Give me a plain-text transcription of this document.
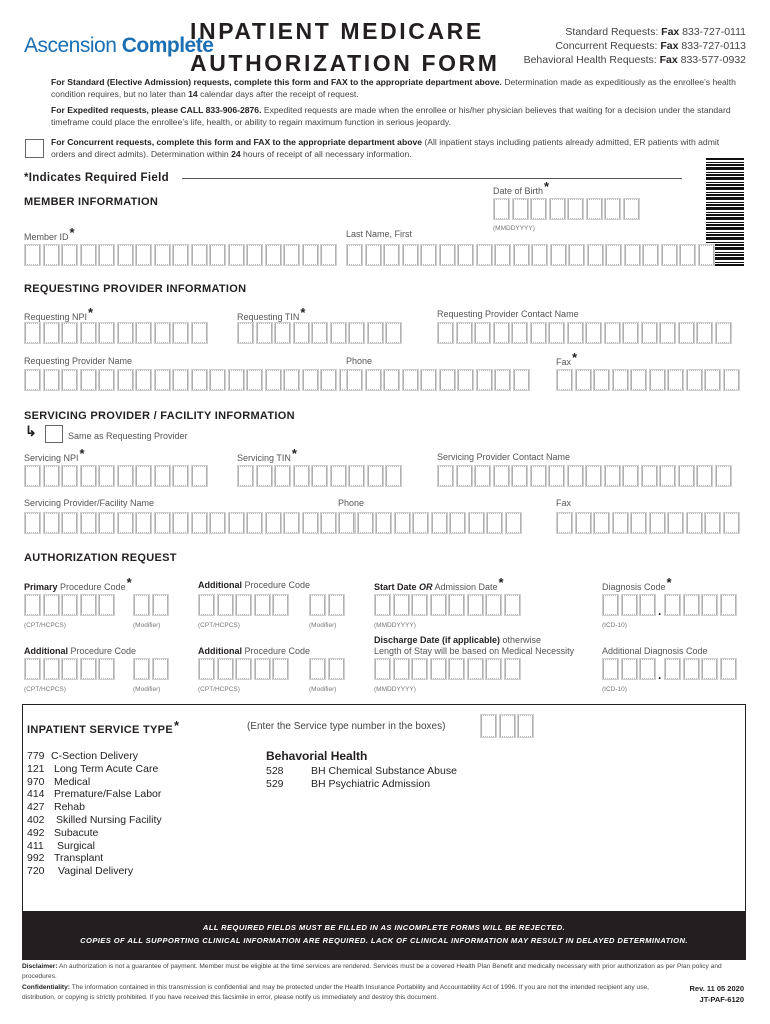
Ascension Complete
INPATIENT MEDICARE
AUTHORIZATION FORM
Standard Requests: Fax 833-727-0111
Concurrent Requests: Fax 833-727-0113
Behavioral Health Requests: Fax 833-577-0932
For Standard (Elective Admission) requests, complete this form and FAX to the appropriate department above. Determination made as expeditiously as the enrollee’s health condition requires, but no later than 14 calendar days after the receipt of request.
For Expedited requests, please CALL 833-906-2876. Expedited requests are made when the enrollee or his/her physician believes that waiting for a decision under the standard timeframe could place the enrollee’s life, health, or ability to regain maximum function in serious jeopardy.
For Concurrent requests, complete this form and FAX to the appropriate department above (All inpatient stays including patients already admitted, ER patients with admit orders and direct admits). Determination within 24 hours of receipt of all necessary information.
*Indicates Required Field
MEMBER INFORMATION
Date of Birth*
(MMDDYYYY)
Member ID*	Last Name, First
REQUESTING PROVIDER INFORMATION
Requesting NPI*	Requesting TIN*	Requesting Provider Contact Name
Requesting Provider Name	Phone	Fax*
SERVICING PROVIDER / FACILITY INFORMATION
↳	Same as Requesting Provider
Servicing NPI*	Servicing TIN*	Servicing Provider Contact Name
Servicing Provider/Facility Name	Phone	Fax
AUTHORIZATION REQUEST
Primary Procedure Code*
(CPT/HCPCS)	(Modifier)
Additional Procedure Code
(CPT/HCPCS)	(Modifier)
Start Date OR Admission Date*
(MMDDYYYY)
Diagnosis Code*
.
(ICD-10)
Additional Procedure Code
(CPT/HCPCS)	(Modifier)
Additional Procedure Code
(CPT/HCPCS)	(Modifier)
Discharge Date (if applicable) otherwise
Length of Stay will be based on Medical Necessity
(MMDDYYYY)
Additional Diagnosis Code
.
(ICD-10)
INPATIENT SERVICE TYPE*	(Enter the Service type number in the boxes)
779 C-Section Delivery
121 Long Term Acute Care
970 Medical
414 Premature/False Labor
427 Rehab
402 Skilled Nursing Facility
492 Subacute
411 Surgical
992 Transplant
720 Vaginal Delivery
Behavorial Health
528	BH Chemical Substance Abuse
529	BH Psychiatric Admission
ALL REQUIRED FIELDS MUST BE FILLED IN AS INCOMPLETE FORMS WILL BE REJECTED.
COPIES OF ALL SUPPORTING CLINICAL INFORMATION ARE REQUIRED. LACK OF CLINICAL INFORMATION MAY RESULT IN DELAYED DETERMINATION.
Disclaimer: An authorization is not a guarantee of payment. Member must be eligible at the time services are rendered. Services must be a covered Health Plan Benefit and medically necessary with prior authorization as per Plan policy and procedures.
Confidentiality: The information contained in this transmission is confidential and may be protected under the Health Insurance Portability and Accountability Act of 1996. If you are not the intended recipient any use, distribution, or copying is strictly prohibited. If you have received this facsimile in error, please notify us immediately and destroy this document.
Rev. 11 05 2020
JT-PAF-6120
